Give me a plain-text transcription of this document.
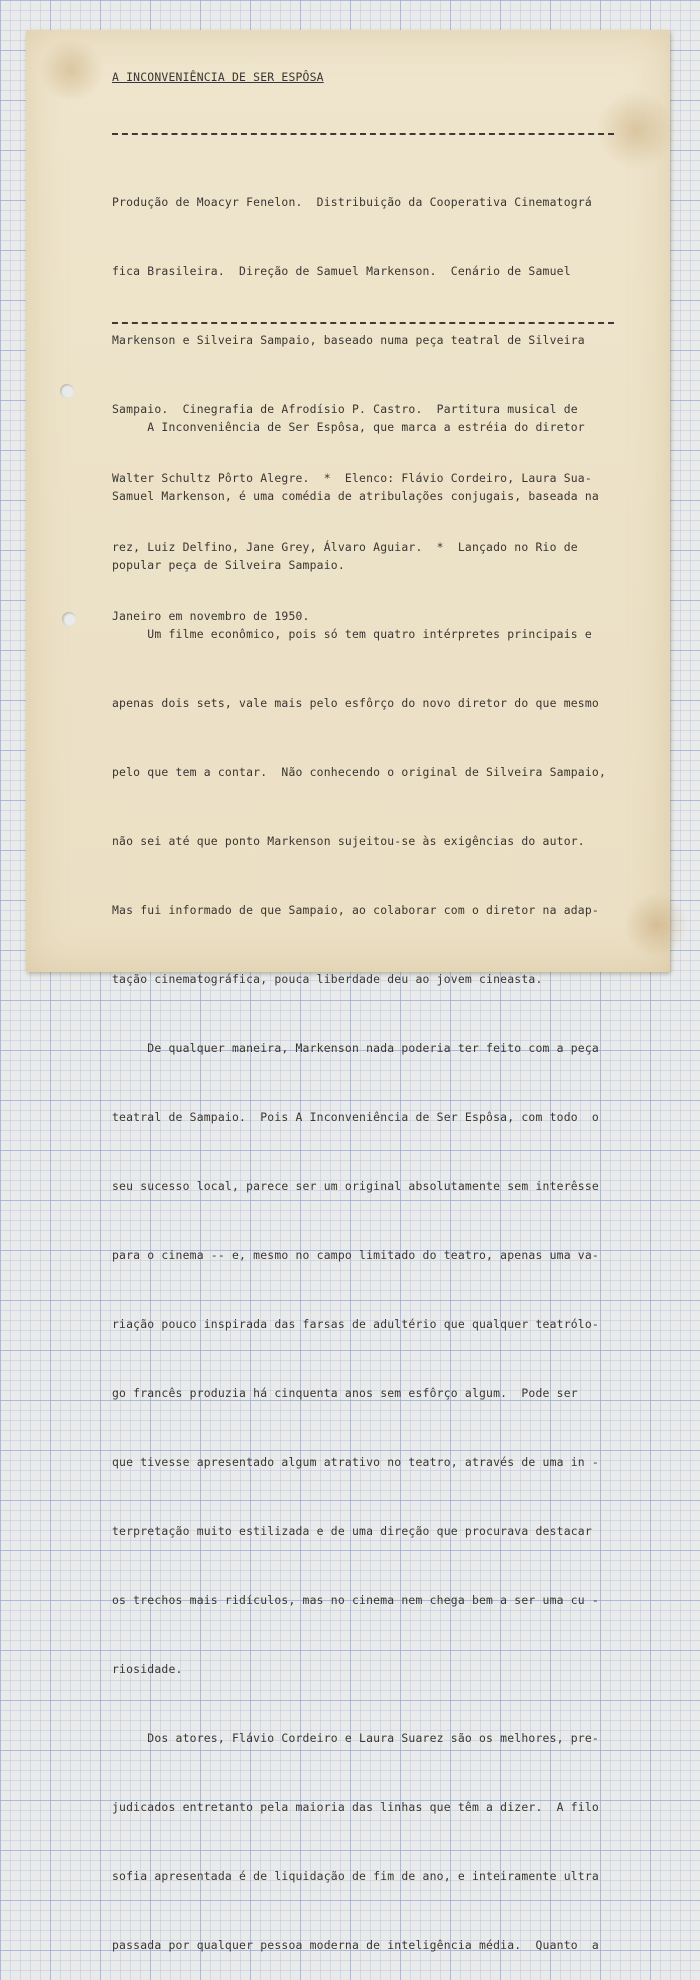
A INCONVENIÊNCIA DE SER ESPÔSA

Produção de Moacyr Fenelon.  Distribuição da Cooperativa Cinematográ

fica Brasileira.  Direção de Samuel Markenson.  Cenário de Samuel

Markenson e Silveira Sampaio, baseado numa peça teatral de Silveira

Sampaio.  Cinegrafia de Afrodísio P. Castro.  Partitura musical de

Walter Schultz Pôrto Alegre.  *  Elenco: Flávio Cordeiro, Laura Sua-

rez, Luiz Delfino, Jane Grey, Álvaro Aguiar.  *  Lançado no Rio de

Janeiro em novembro de 1950.

A Inconveniência de Ser Espôsa, que marca a estréia do diretor

Samuel Markenson, é uma comédia de atribulações conjugais, baseada na

popular peça de Silveira Sampaio.

Um filme econômico, pois só tem quatro intérpretes principais e

apenas dois sets, vale mais pelo esfôrço do novo diretor do que mesmo

pelo que tem a contar.  Não conhecendo o original de Silveira Sampaio,

não sei até que ponto Markenson sujeitou-se às exigências do autor.

Mas fui informado de que Sampaio, ao colaborar com o diretor na adap-

tação cinematográfica, pouca liberdade deu ao jovem cineasta.

De qualquer maneira, Markenson nada poderia ter feito com a peça

teatral de Sampaio.  Pois A Inconveniência de Ser Espôsa, com todo  o

seu sucesso local, parece ser um original absolutamente sem interêsse

para o cinema -- e, mesmo no campo limitado do teatro, apenas uma va-

riação pouco inspirada das farsas de adultério que qualquer teatrólo-

go francês produzia há cinquenta anos sem esfôrço algum.  Pode ser

que tivesse apresentado algum atrativo no teatro, através de uma in -

terpretação muito estilizada e de uma direção que procurava destacar

os trechos mais ridículos, mas no cinema nem chega bem a ser uma cu -

riosidade.

Dos atores, Flávio Cordeiro e Laura Suarez são os melhores, pre-

judicados entretanto pela maioria das linhas que têm a dizer.  A filo

sofia apresentada é de liquidação de fim de ano, e inteiramente ultra

passada por qualquer pessoa moderna de inteligência média.  Quanto  a
